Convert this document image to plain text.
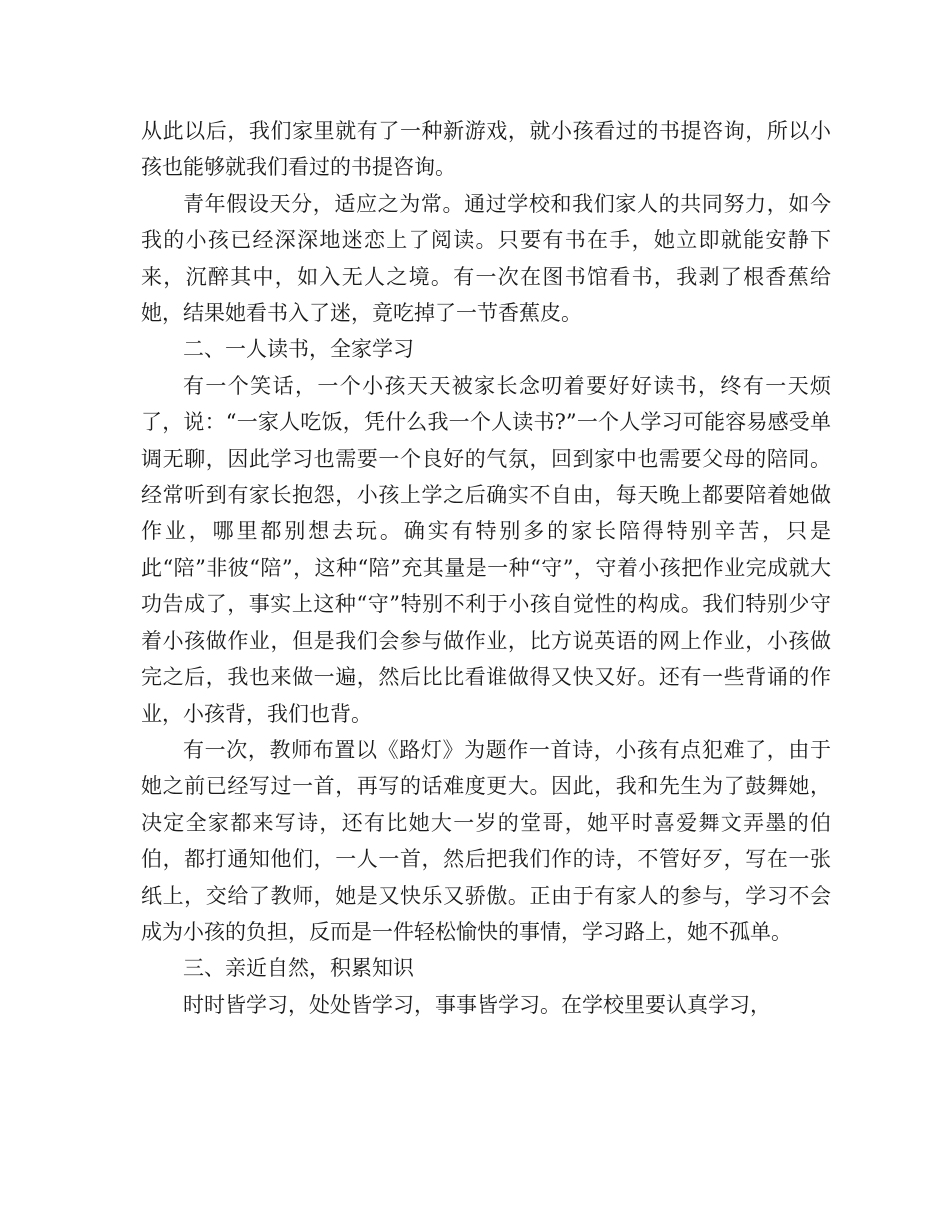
从此以后，我们家里就有了一种新游戏，就小孩看过的书提咨询，所以小孩也能够就我们看过的书提咨询。

青年假设天分，适应之为常。通过学校和我们家人的共同努力，如今我的小孩已经深深地迷恋上了阅读。只要有书在手，她立即就能安静下来，沉醉其中，如入无人之境。有一次在图书馆看书，我剥了根香蕉给她，结果她看书入了迷，竟吃掉了一节香蕉皮。

二、一人读书，全家学习

有一个笑话，一个小孩天天被家长念叨着要好好读书，终有一天烦了，说：“一家人吃饭，凭什么我一个人读书?”一个人学习可能容易感受单调无聊，因此学习也需要一个良好的气氛，回到家中也需要父母的陪同。经常听到有家长抱怨，小孩上学之后确实不自由，每天晚上都要陪着她做作业，哪里都别想去玩。确实有特别多的家长陪得特别辛苦，只是此“陪”非彼“陪”，这种“陪”充其量是一种“守”，守着小孩把作业完成就大功告成了，事实上这种“守”特别不利于小孩自觉性的构成。我们特别少守着小孩做作业，但是我们会参与做作业，比方说英语的网上作业，小孩做完之后，我也来做一遍，然后比比看谁做得又快又好。还有一些背诵的作业，小孩背，我们也背。

有一次，教师布置以《路灯》为题作一首诗，小孩有点犯难了，由于她之前已经写过一首，再写的话难度更大。因此，我和先生为了鼓舞她，决定全家都来写诗，还有比她大一岁的堂哥，她平时喜爱舞文弄墨的伯伯，都打通知他们，一人一首，然后把我们作的诗，不管好歹，写在一张纸上，交给了教师，她是又快乐又骄傲。正由于有家人的参与，学习不会成为小孩的负担，反而是一件轻松愉快的事情，学习路上，她不孤单。

三、亲近自然，积累知识

时时皆学习，处处皆学习，事事皆学习。在学校里要认真学习，
